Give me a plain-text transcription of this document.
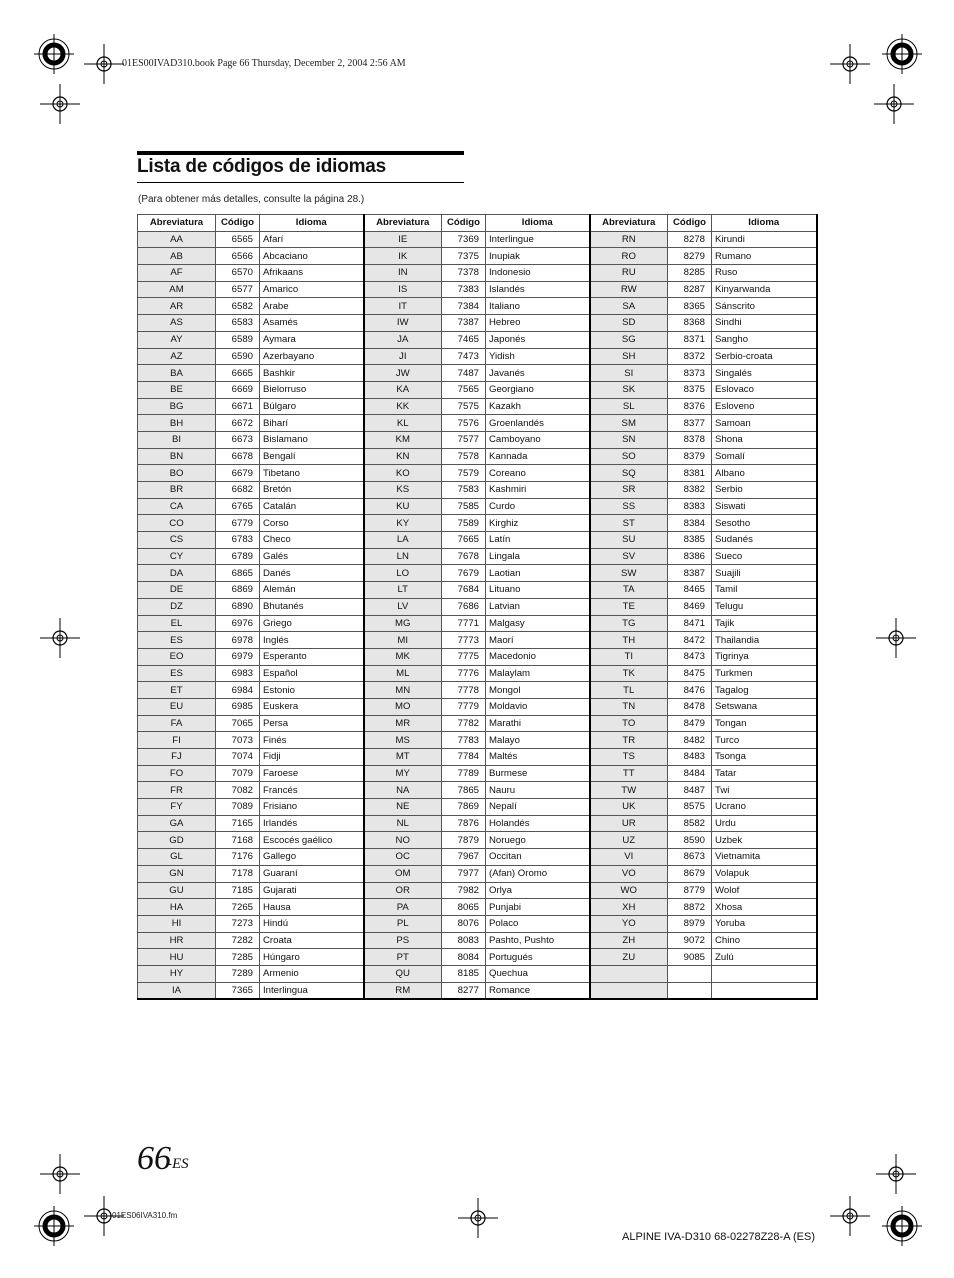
01ES00IVAD310.book Page 66 Thursday, December 2, 2004 2:56 AM
Lista de códigos de idiomas
(Para obtener más detalles, consulte la página 28.)
Abreviatura	Código	Idioma	Abreviatura	Código	Idioma	Abreviatura	Código	Idioma
AA	6565	Afarí	IE	7369	Interlingue	RN	8278	Kirundi
AB	6566	Abcaciano	IK	7375	Inupiak	RO	8279	Rumano
AF	6570	Afrikaans	IN	7378	Indonesio	RU	8285	Ruso
AM	6577	Amarico	IS	7383	Islandés	RW	8287	Kinyarwanda
AR	6582	Arabe	IT	7384	Italiano	SA	8365	Sánscrito
AS	6583	Asamés	IW	7387	Hebreo	SD	8368	Sindhi
AY	6589	Aymara	JA	7465	Japonés	SG	8371	Sangho
AZ	6590	Azerbayano	JI	7473	Yidish	SH	8372	Serbio-croata
BA	6665	Bashkir	JW	7487	Javanés	SI	8373	Singalés
BE	6669	Bielorruso	KA	7565	Georgiano	SK	8375	Eslovaco
BG	6671	Búlgaro	KK	7575	Kazakh	SL	8376	Esloveno
BH	6672	Biharí	KL	7576	Groenlandés	SM	8377	Samoan
BI	6673	Bislamano	KM	7577	Camboyano	SN	8378	Shona
BN	6678	Bengalí	KN	7578	Kannada	SO	8379	Somalí
BO	6679	Tibetano	KO	7579	Coreano	SQ	8381	Albano
BR	6682	Bretón	KS	7583	Kashmiri	SR	8382	Serbio
CA	6765	Catalán	KU	7585	Curdo	SS	8383	Siswati
CO	6779	Corso	KY	7589	Kirghiz	ST	8384	Sesotho
CS	6783	Checo	LA	7665	Latín	SU	8385	Sudanés
CY	6789	Galés	LN	7678	Lingala	SV	8386	Sueco
DA	6865	Danés	LO	7679	Laotian	SW	8387	Suajili
DE	6869	Alemán	LT	7684	Lituano	TA	8465	Tamil
DZ	6890	Bhutanés	LV	7686	Latvian	TE	8469	Telugu
EL	6976	Griego	MG	7771	Malgasy	TG	8471	Tajik
ES	6978	Inglés	MI	7773	Maorí	TH	8472	Thailandia
EO	6979	Esperanto	MK	7775	Macedonio	TI	8473	Tigrinya
ES	6983	Español	ML	7776	Malaylam	TK	8475	Turkmen
ET	6984	Estonio	MN	7778	Mongol	TL	8476	Tagalog
EU	6985	Euskera	MO	7779	Moldavio	TN	8478	Setswana
FA	7065	Persa	MR	7782	Marathi	TO	8479	Tongan
FI	7073	Finés	MS	7783	Malayo	TR	8482	Turco
FJ	7074	Fidji	MT	7784	Maltés	TS	8483	Tsonga
FO	7079	Faroese	MY	7789	Burmese	TT	8484	Tatar
FR	7082	Francés	NA	7865	Nauru	TW	8487	Twi
FY	7089	Frisiano	NE	7869	Nepalí	UK	8575	Ucrano
GA	7165	Irlandés	NL	7876	Holandés	UR	8582	Urdu
GD	7168	Escocés gaélico	NO	7879	Noruego	UZ	8590	Uzbek
GL	7176	Gallego	OC	7967	Occitan	VI	8673	Vietnamita
GN	7178	Guaraní	OM	7977	(Afan) Oromo	VO	8679	Volapuk
GU	7185	Gujarati	OR	7982	Orlya	WO	8779	Wolof
HA	7265	Hausa	PA	8065	Punjabi	XH	8872	Xhosa
HI	7273	Hindú	PL	8076	Polaco	YO	8979	Yoruba
HR	7282	Croata	PS	8083	Pashto, Pushto	ZH	9072	Chino
HU	7285	Húngaro	PT	8084	Portugués	ZU	9085	Zulú
HY	7289	Armenio	QU	8185	Quechua			
IA	7365	Interlingua	RM	8277	Romance			
66
-ES
01ES06IVA310.fm
ALPINE IVA-D310 68-02278Z28-A (ES)
